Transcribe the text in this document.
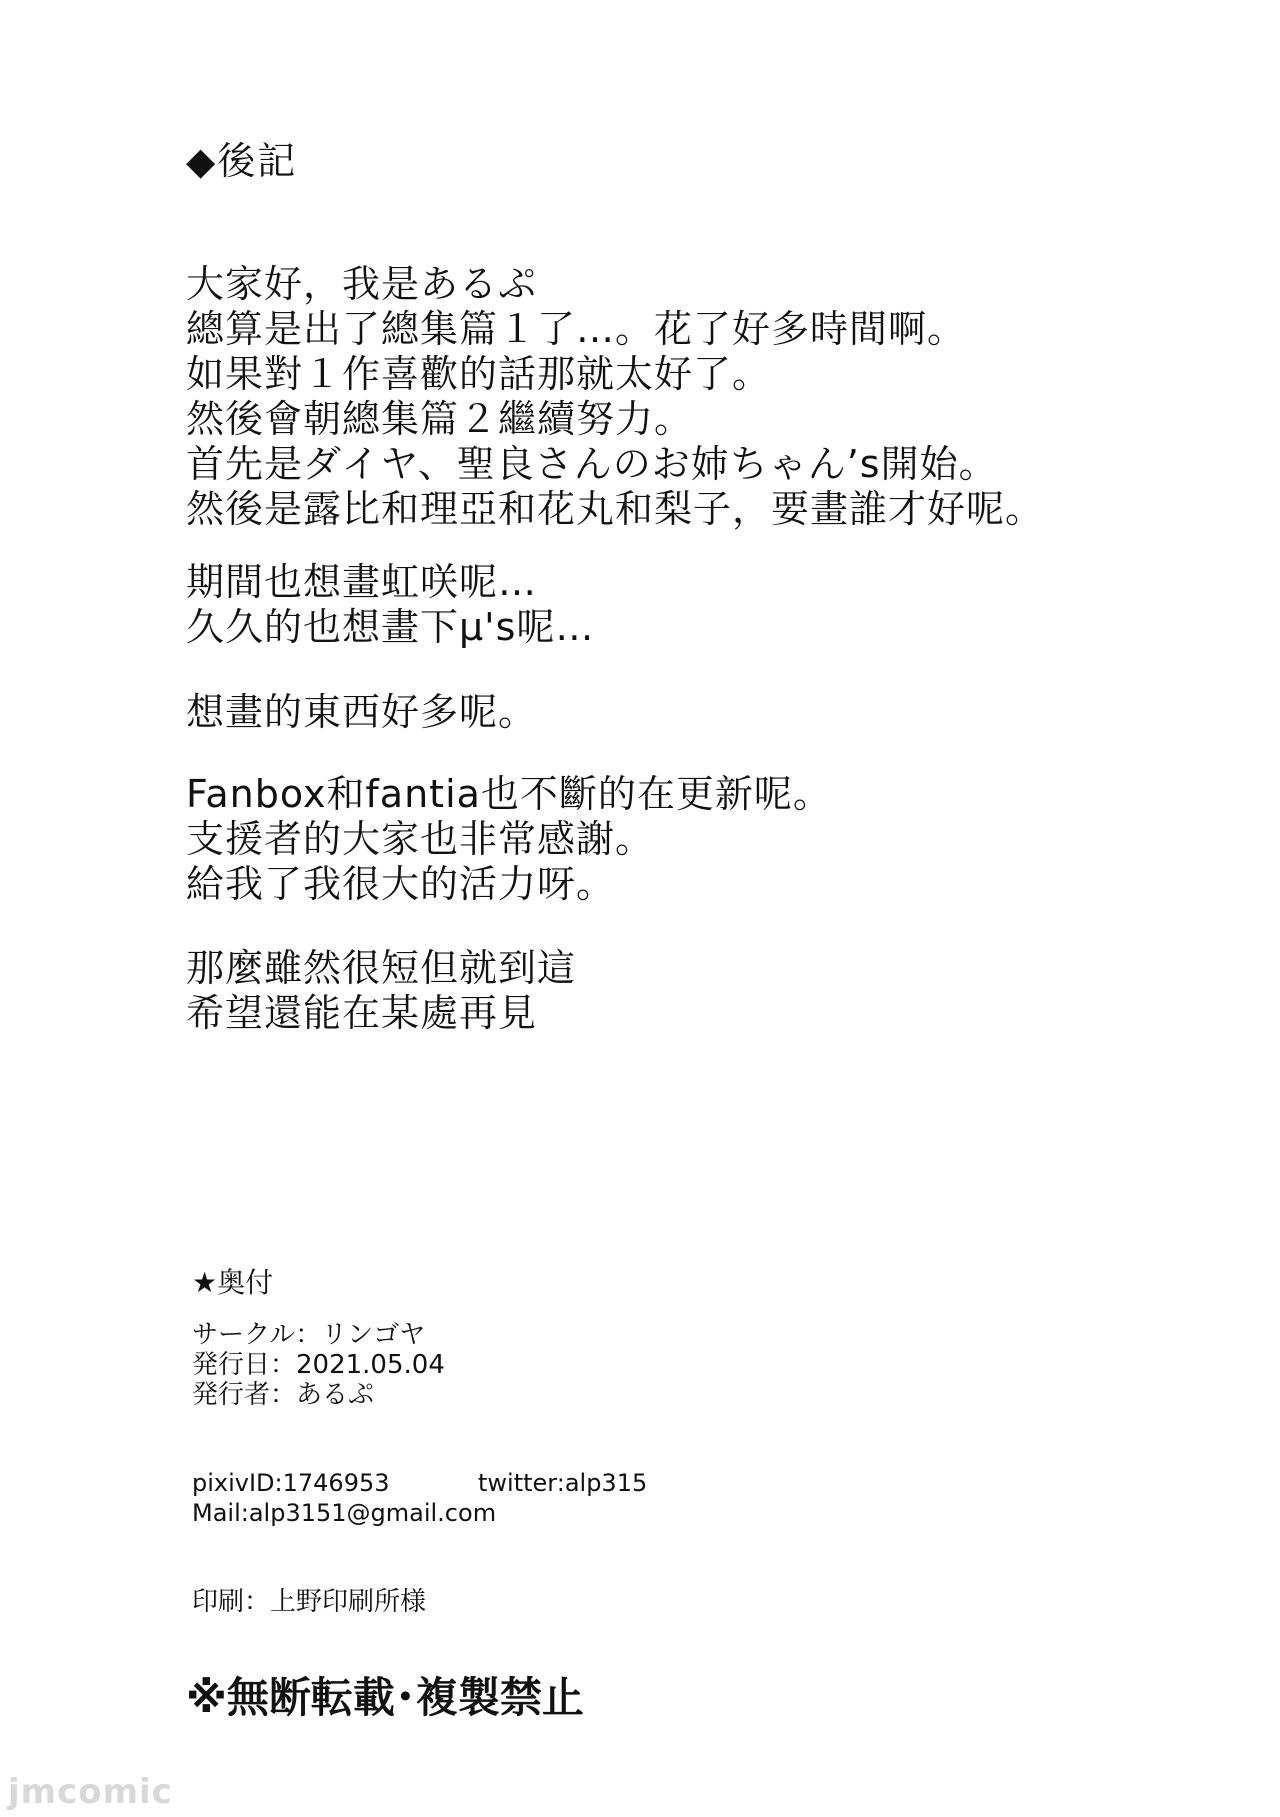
◆後記
大家好，我是あるぷ
總算是出了總集篇１了…。花了好多時間啊。
如果對１作喜歡的話那就太好了。
然後會朝總集篇２繼續努力。
首先是ダイヤ、聖良さんのお姉ちゃん’s開始。
然後是露比和理亞和花丸和梨子，要畫誰才好呢。
期間也想畫虹咲呢…
久久的也想畫下μ's呢…
想畫的東西好多呢。
Fanbox和fantia也不斷的在更新呢。
支援者的大家也非常感謝。
給我了我很大的活力呀。
那麼雖然很短但就到這
希望還能在某處再見
★奥付
サークル：リンゴヤ
発行日：2021.05.04
発行者：あるぷ
pixivID:1746953	twitter:alp315
Mail:alp3151@gmail.com
印刷：上野印刷所様
※無断転載･複製禁止
jmcomic
